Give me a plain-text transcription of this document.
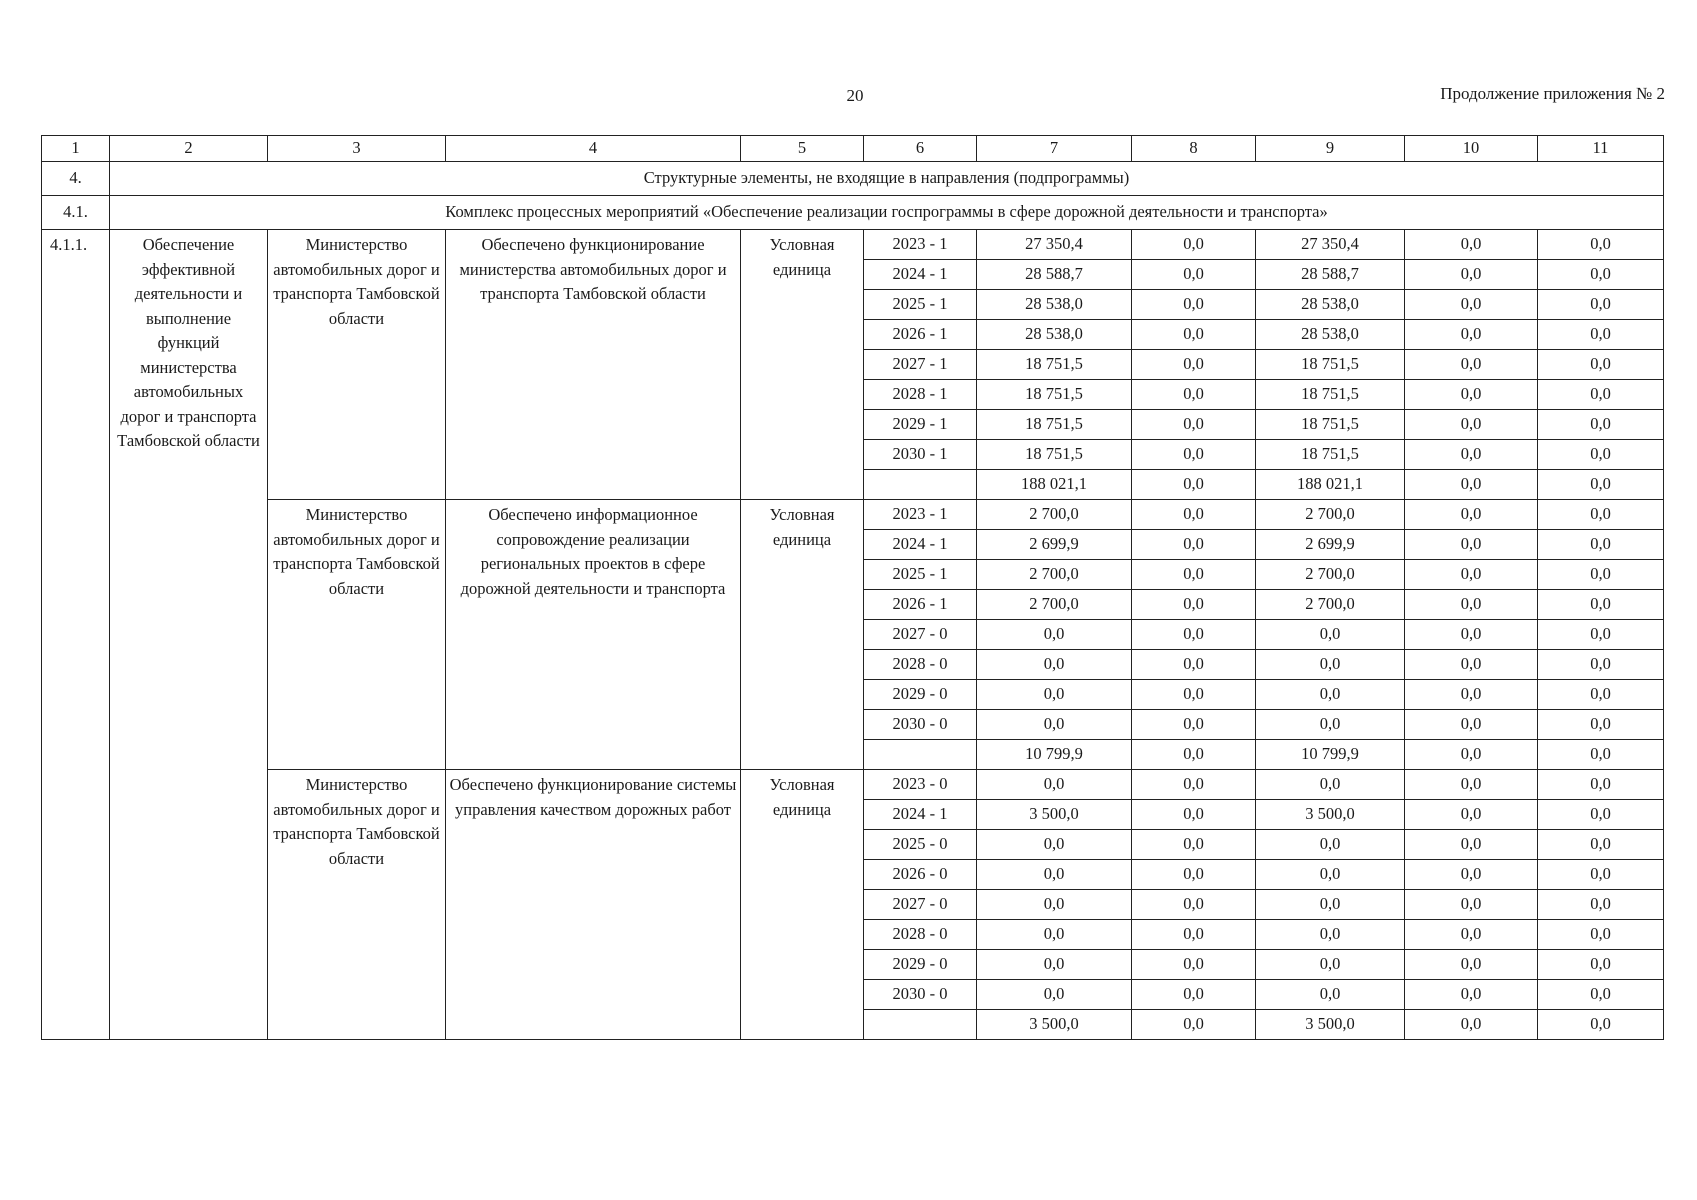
20	Продолжение приложения № 2
1	2	3	4	5	6	7	8	9	10	11
4.	Структурные элементы, не входящие в направления (подпрограммы)									
4.1.	Комплекс процессных мероприятий «Обеспечение реализации госпрограммы в сфере дорожной деятельности и транспорта»									
4.1.1.	Обеспечение эффективной деятельности и выполнение функций министерства автомобильных дорог и транспорта Тамбовской области	Министерство автомобильных дорог и транспорта Тамбовской области	Обеспечено функционирование министерства автомобильных дорог и транспорта Тамбовской области	Условная единица	2023 - 1	27 350,4	0,0	27 350,4	0,0	0,0
					2024 - 1	28 588,7	0,0	28 588,7	0,0	0,0
					2025 - 1	28 538,0	0,0	28 538,0	0,0	0,0
					2026 - 1	28 538,0	0,0	28 538,0	0,0	0,0
					2027 - 1	18 751,5	0,0	18 751,5	0,0	0,0
					2028 - 1	18 751,5	0,0	18 751,5	0,0	0,0
					2029 - 1	18 751,5	0,0	18 751,5	0,0	0,0
					2030 - 1	18 751,5	0,0	18 751,5	0,0	0,0
						188 021,1	0,0	188 021,1	0,0	0,0
		Министерство автомобильных дорог и транспорта Тамбовской области	Обеспечено информационное сопровождение реализации региональных проектов в сфере дорожной деятельности и транспорта	Условная единица	2023 - 1	2 700,0	0,0	2 700,0	0,0	0,0
					2024 - 1	2 699,9	0,0	2 699,9	0,0	0,0
					2025 - 1	2 700,0	0,0	2 700,0	0,0	0,0
					2026 - 1	2 700,0	0,0	2 700,0	0,0	0,0
					2027 - 0	0,0	0,0	0,0	0,0	0,0
					2028 - 0	0,0	0,0	0,0	0,0	0,0
					2029 - 0	0,0	0,0	0,0	0,0	0,0
					2030 - 0	0,0	0,0	0,0	0,0	0,0
						10 799,9	0,0	10 799,9	0,0	0,0
		Министерство автомобильных дорог и транспорта Тамбовской области	Обеспечено функционирование системы управления качеством дорожных работ	Условная единица	2023 - 0	0,0	0,0	0,0	0,0	0,0
					2024 - 1	3 500,0	0,0	3 500,0	0,0	0,0
					2025 - 0	0,0	0,0	0,0	0,0	0,0
					2026 - 0	0,0	0,0	0,0	0,0	0,0
					2027 - 0	0,0	0,0	0,0	0,0	0,0
					2028 - 0	0,0	0,0	0,0	0,0	0,0
					2029 - 0	0,0	0,0	0,0	0,0	0,0
					2030 - 0	0,0	0,0	0,0	0,0	0,0
						3 500,0	0,0	3 500,0	0,0	0,0
